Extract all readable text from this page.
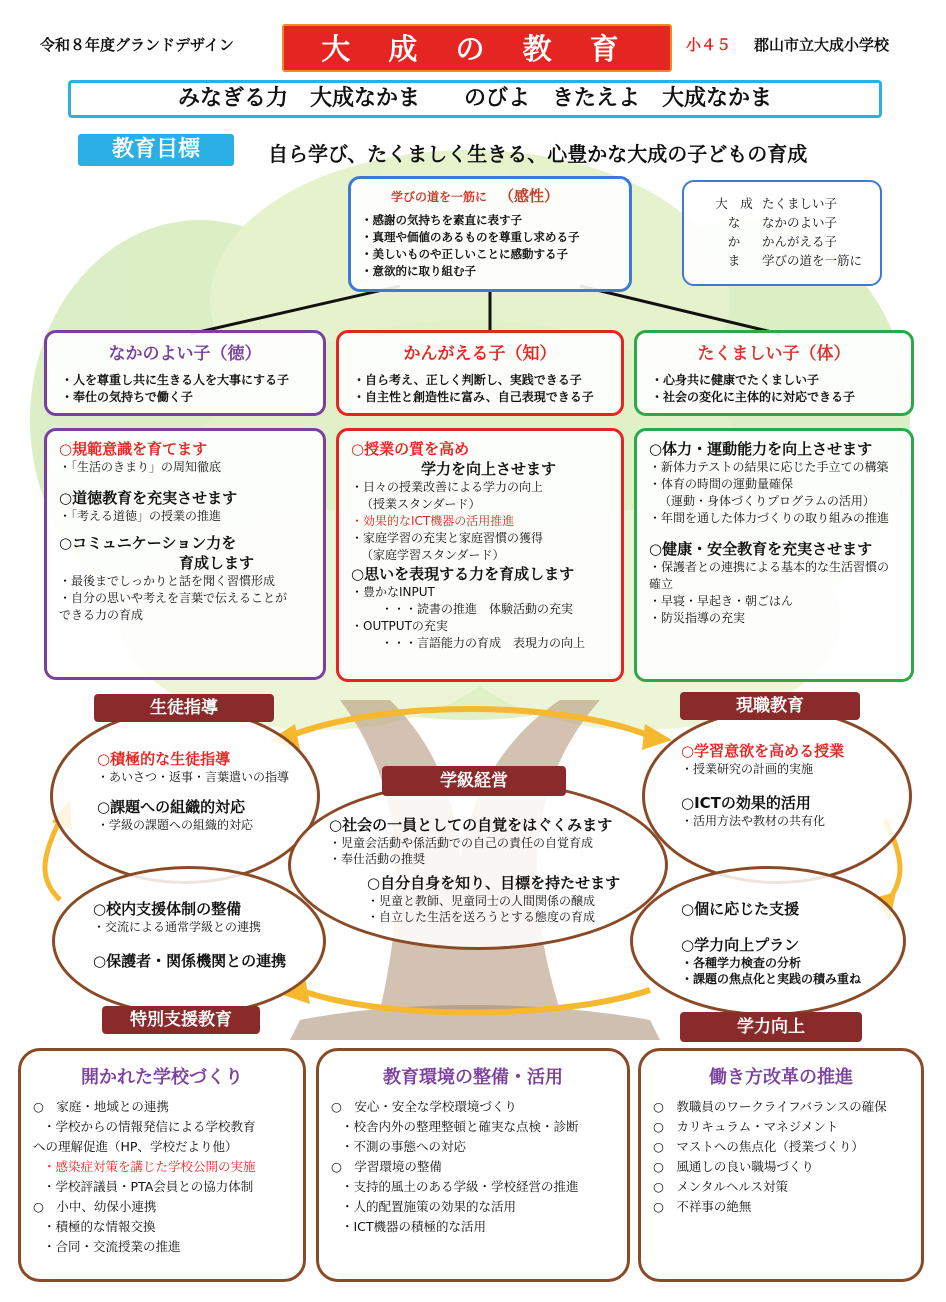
令和８年度グランドデザイン	大 成 の 教 育	小４５ 郡山市立大成小学校
みなぎる力　大成なかま　　のびよ　きたえよ　大成なかま
教育目標	自ら学び、たくましく生きる、心豊かな大成の子どもの育成
学びの道を一筋に （感性）
・感謝の気持ちを素直に表す子
・真理や価値のあるものを尊重し求める子
・美しいものや正しいことに感動する子
・意欲的に取り組む子
大　成 たくましい子
な	なかのよい子
か	かんがえる子
ま	学びの道を一筋に
なかのよい子（徳）
・人を尊重し共に生きる人を大事にする子
・奉仕の気持ちで働く子
かんがえる子（知）
・自ら考え、正しく判断し、実践できる子
・自主性と創造性に富み、自己表現できる子
たくましい子（体）
・心身共に健康でたくましい子
・社会の変化に主体的に対応できる子
○規範意識を育てます
・「生活のきまり」の周知徹底
○道徳教育を充実させます
・「考える道徳」の授業の推進
○コミュニケーション力を
育成します
・最後までしっかりと話を聞く習慣形成
・自分の思いや考えを言葉で伝えることが
できる力の育成
○授業の質を高め
学力を向上させます
・日々の授業改善による学力の向上
（授業スタンダード）
・効果的なICT機器の活用推進
・家庭学習の充実と家庭習慣の獲得
（家庭学習スタンダード）
○思いを表現する力を育成します
・豊かなINPUT
・・・読書の推進　体験活動の充実
・OUTPUTの充実
・・・言語能力の育成　表現力の向上
○体力・運動能力を向上させます
・新体力テストの結果に応じた手立ての構築
・体育の時間の運動量確保
（運動・身体づくりプログラムの活用）
・年間を通した体力づくりの取り組みの推進
○健康・安全教育を充実させます
・保護者との連携による基本的な生活習慣の
確立
・早寝・早起き・朝ごはん
・防災指導の充実
○積極的な生徒指導
・あいさつ・返事・言葉遣いの指導
○課題への組織的対応
・学級の課題への組織的対応
生徒指導
○学習意欲を高める授業
・授業研究の計画的実施
○ICTの効果的活用
・活用方法や教材の共有化
現職教育
○社会の一員としての自覚をはぐくみます
・児童会活動や係活動での自己の責任の自覚育成
・奉仕活動の推奨
○自分自身を知り、目標を持たせます
・児童と教師、児童同士の人間関係の醸成
・自立した生活を送ろうとする態度の育成
学級経営
○校内支援体制の整備
・交流による通常学級との連携
○保護者・関係機関との連携
特別支援教育
○個に応じた支援
○学力向上プラン
・各種学力検査の分析
・課題の焦点化と実践の積み重ね
学力向上
開かれた学校づくり
○　家庭・地域との連携
・学校からの情報発信による学校教育
への理解促進（HP、学校だより他）
・感染症対策を講じた学校公開の実施
・学校評議員・PTA会員との協力体制
○　小中、幼保小連携
・積極的な情報交換
・合同・交流授業の推進
教育環境の整備・活用
○　安心・安全な学校環境づくり
・校舎内外の整理整頓と確実な点検・診断
・不測の事態への対応
○　学習環境の整備
・支持的風土のある学級・学校経営の推進
・人的配置施策の効果的な活用
・ICT機器の積極的な活用
働き方改革の推進
○　教職員のワークライフバランスの確保
○　カリキュラム・マネジメント
○　マストへの焦点化（授業づくり）
○　風通しの良い職場づくり
○　メンタルヘルス対策
○　不祥事の絶無
